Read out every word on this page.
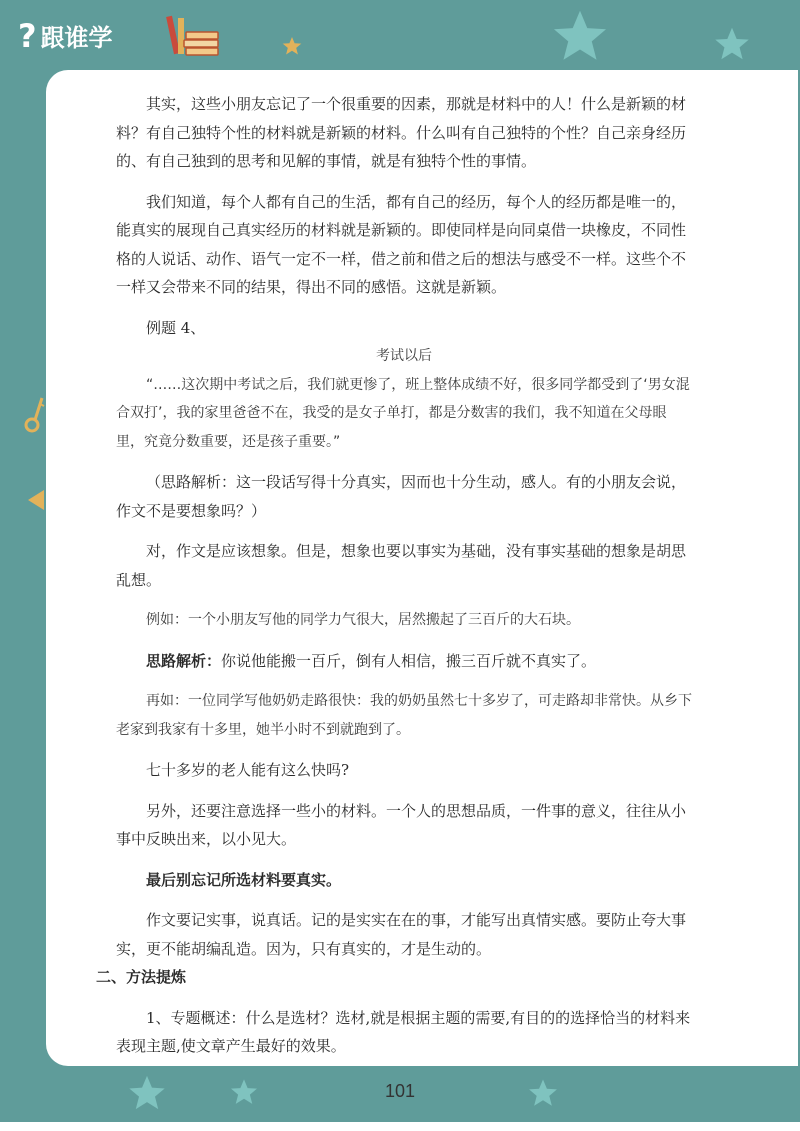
? 跟谁学
101

其实，这些小朋友忘记了一个很重要的因素，那就是材料中的人！什么是新颖的材料？有自己独特个性的材料就是新颖的材料。什么叫有自己独特的个性？自己亲身经历的、有自己独到的思考和见解的事情，就是有独特个性的事情。

我们知道，每个人都有自己的生活，都有自己的经历，每个人的经历都是唯一的，能真实的展现自己真实经历的材料就是新颖的。即使同样是向同桌借一块橡皮，不同性格的人说话、动作、语气一定不一样，借之前和借之后的想法与感受不一样。这些个不一样又会带来不同的结果，得出不同的感悟。这就是新颖。

例题 4、

考试以后

“……这次期中考试之后，我们就更惨了，班上整体成绩不好，很多同学都受到了‘男女混合双打’，我的家里爸爸不在，我受的是女子单打，都是分数害的我们，我不知道在父母眼里，究竟分数重要，还是孩子重要。”

（思路解析：这一段话写得十分真实，因而也十分生动，感人。有的小朋友会说，作文不是要想象吗？）

对，作文是应该想象。但是，想象也要以事实为基础，没有事实基础的想象是胡思乱想。

例如：一个小朋友写他的同学力气很大，居然搬起了三百斤的大石块。

思路解析：你说他能搬一百斤，倒有人相信，搬三百斤就不真实了。

再如：一位同学写他奶奶走路很快：我的奶奶虽然七十多岁了，可走路却非常快。从乡下老家到我家有十多里，她半小时不到就跑到了。

七十多岁的老人能有这么快吗?

另外，还要注意选择一些小的材料。一个人的思想品质，一件事的意义，往往从小事中反映出来，以小见大。

最后别忘记所选材料要真实。

作文要记实事，说真话。记的是实实在在的事，才能写出真情实感。要防止夸大事实，更不能胡编乱造。因为，只有真实的，才是生动的。

二、方法提炼

1、专题概述：什么是选材？选材,就是根据主题的需要,有目的的选择恰当的材料来表现主题,使文章产生最好的效果。
